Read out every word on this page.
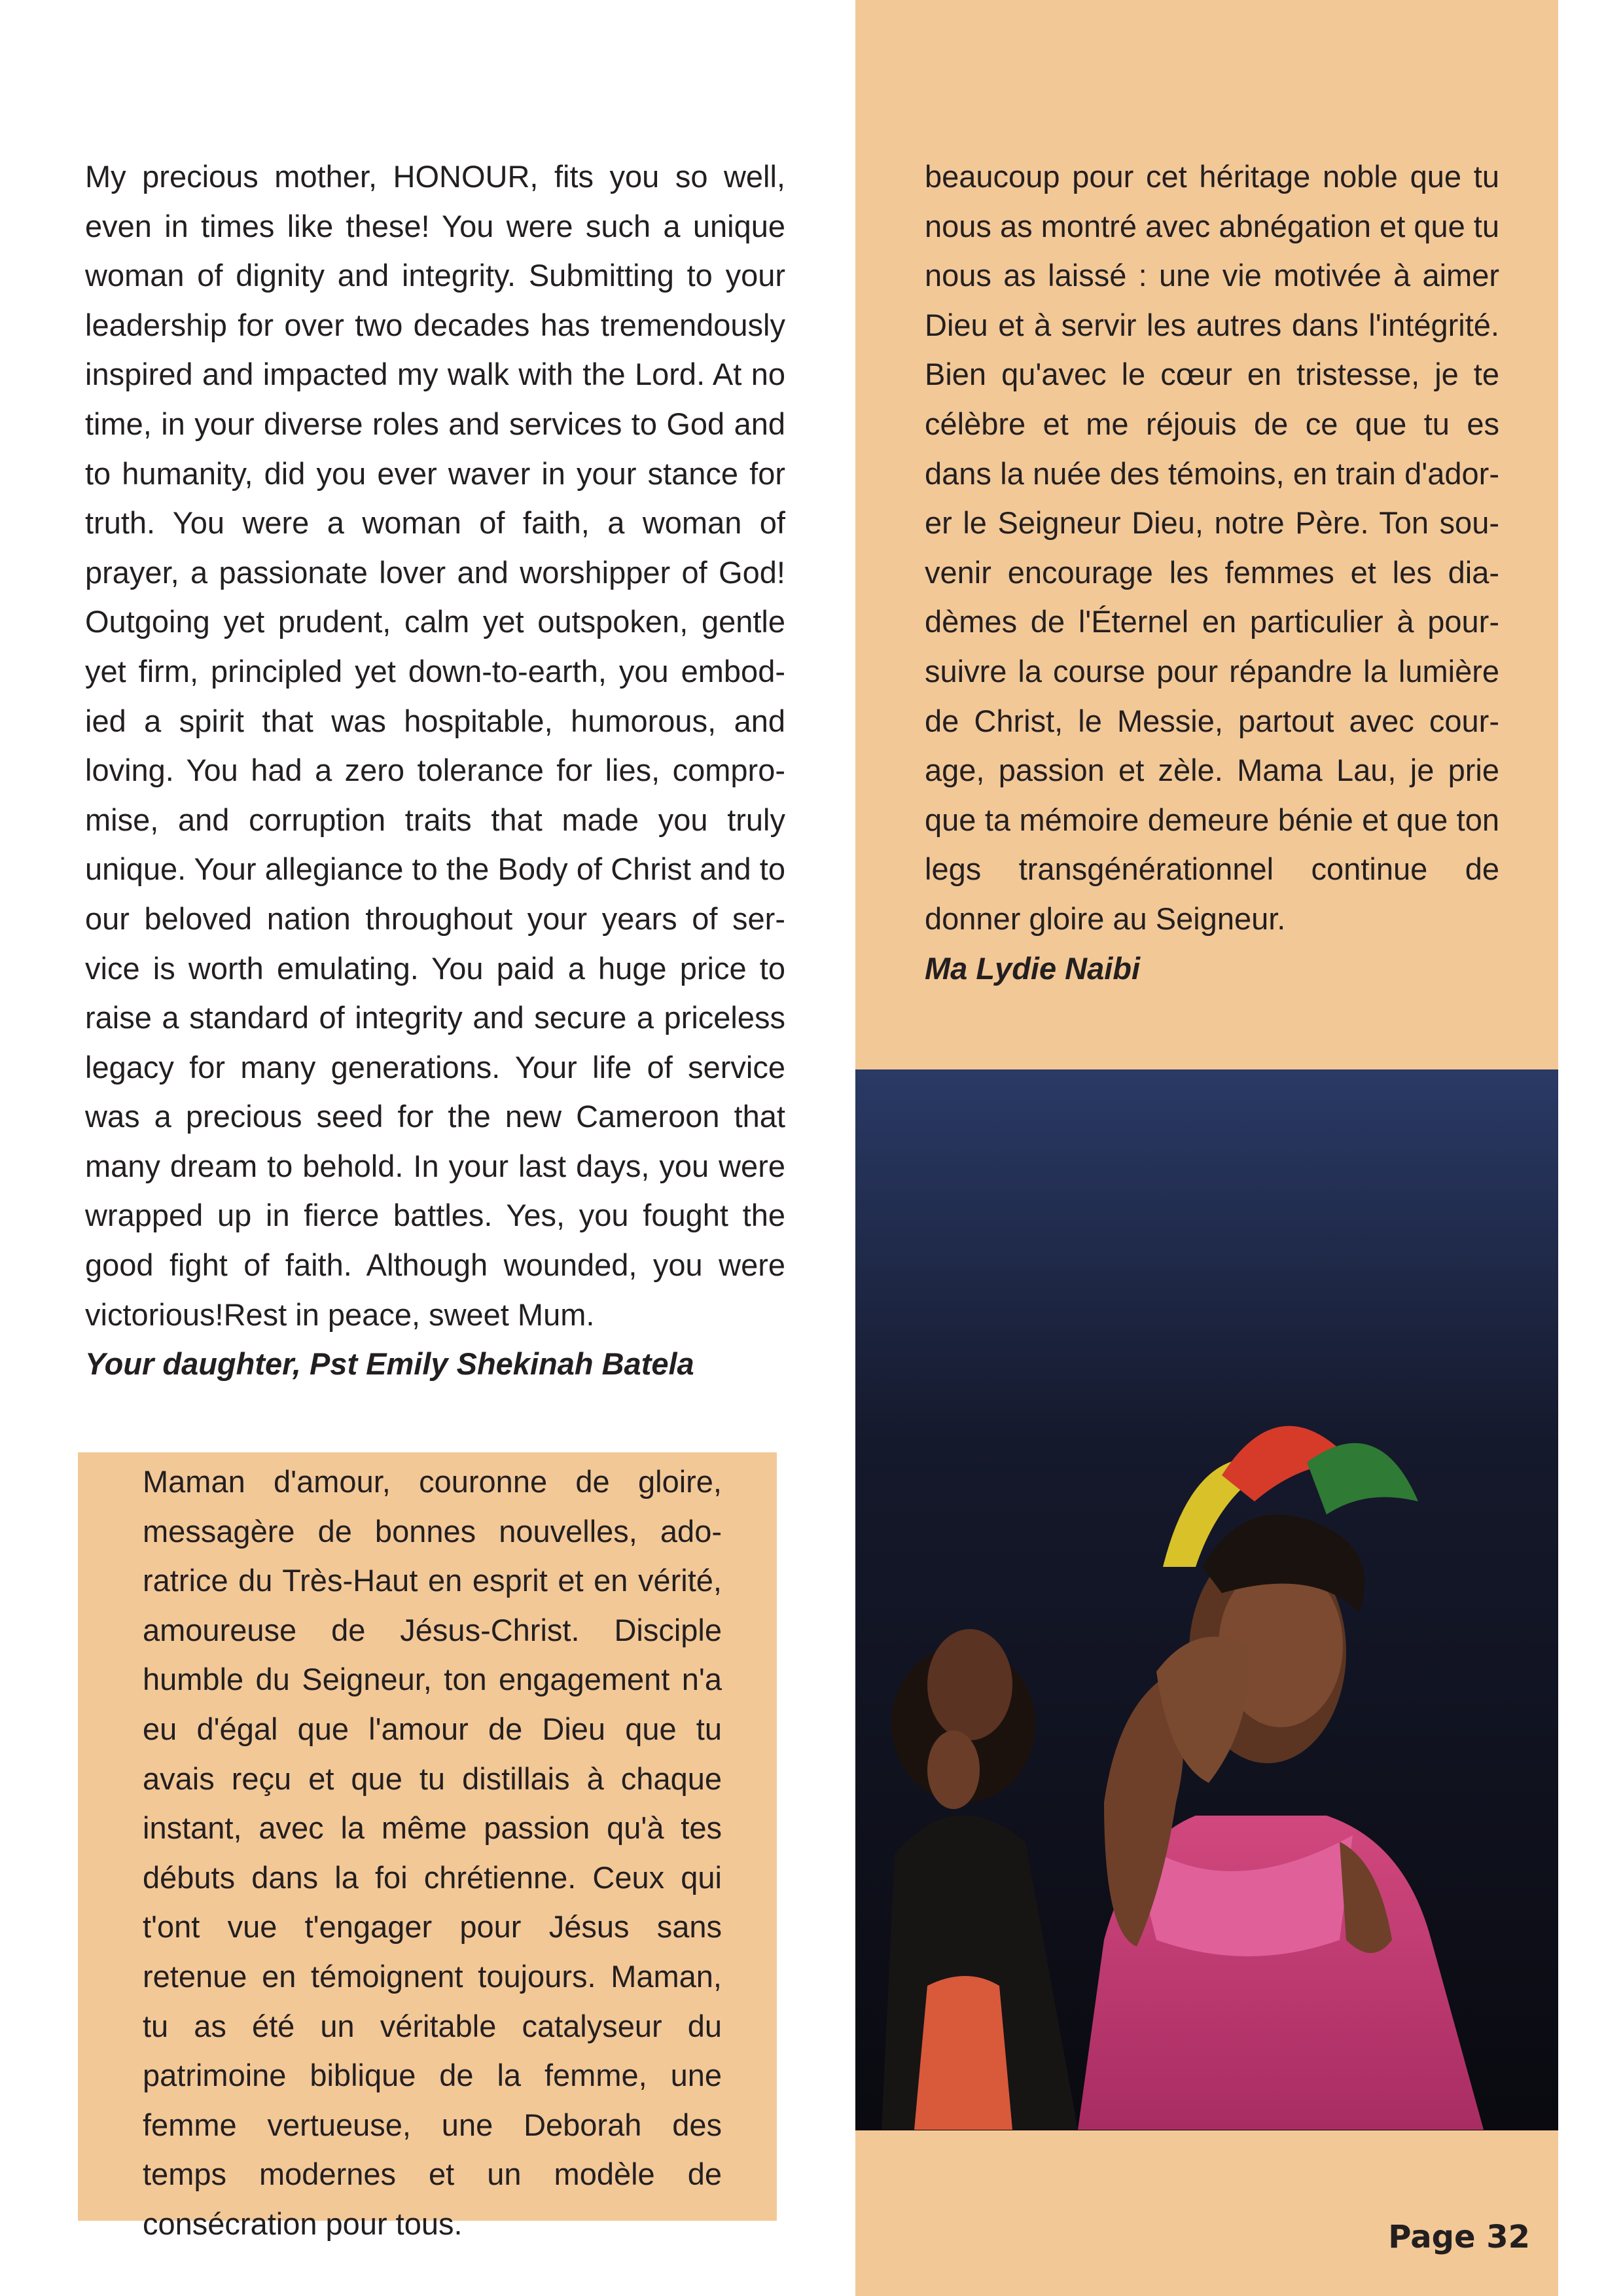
My precious mother, HONOUR, fits you so well, even in times like these! You were such a unique woman of dignity and integrity. Submitting to your leadership for over two decades has tremendously inspired and impacted my walk with the Lord. At no time, in your diverse roles and services to God and to humanity, did you ever waver in your stance for truth. You were a woman of faith, a woman of prayer, a passionate lover and worshipper of God! Outgoing yet prudent, calm yet outspoken, gentle yet firm, principled yet down-to-earth, you embodied a spirit that was hospitable, humorous, and loving. You had a zero tolerance for lies, compromise, and corruption traits that made you truly unique. Your allegiance to the Body of Christ and to our beloved nation throughout your years of service is worth emulating. You paid a huge price to raise a standard of integrity and secure a priceless legacy for many generations. Your life of service was a precious seed for the new Cameroon that many dream to behold. In your last days, you were wrapped up in fierce battles. Yes, you fought the good fight of faith. Although wounded, you were victorious!Rest in peace, sweet Mum.

Your daughter, Pst Emily Shekinah Batela

beaucoup pour cet héritage noble que tu nous as montré avec abnégation et que tu nous as laissé : une vie motivée à aimer Dieu et à servir les autres dans l'intégrité. Bien qu'avec le cœur en tristesse, je te célèbre et me réjouis de ce que tu es dans la nuée des témoins, en train d'adorer le Seigneur Dieu, notre Père. Ton souvenir encourage les femmes et les diadèmes de l'Éternel en particulier à poursuivre la course pour répandre la lumière de Christ, le Messie, partout avec courage, passion et zèle. Mama Lau, je prie que ta mémoire demeure bénie et que ton legs transgénérationnel continue de donner gloire au Seigneur.

Ma Lydie Naibi

Maman d'amour, couronne de gloire, messagère de bonnes nouvelles, adoratrice du Très-Haut en esprit et en vérité, amoureuse de Jésus-Christ. Disciple humble du Seigneur, ton engagement n'a eu d'égal que l'amour de Dieu que tu avais reçu et que tu distillais à chaque instant, avec la même passion qu'à tes débuts dans la foi chrétienne. Ceux qui t'ont vue t'engager pour Jésus sans retenue en témoignent toujours. Maman, tu as été un véritable catalyseur du patrimoine biblique de la femme, une femme vertueuse, une Deborah des temps modernes et un modèle de consécration pour tous.	Page 32
